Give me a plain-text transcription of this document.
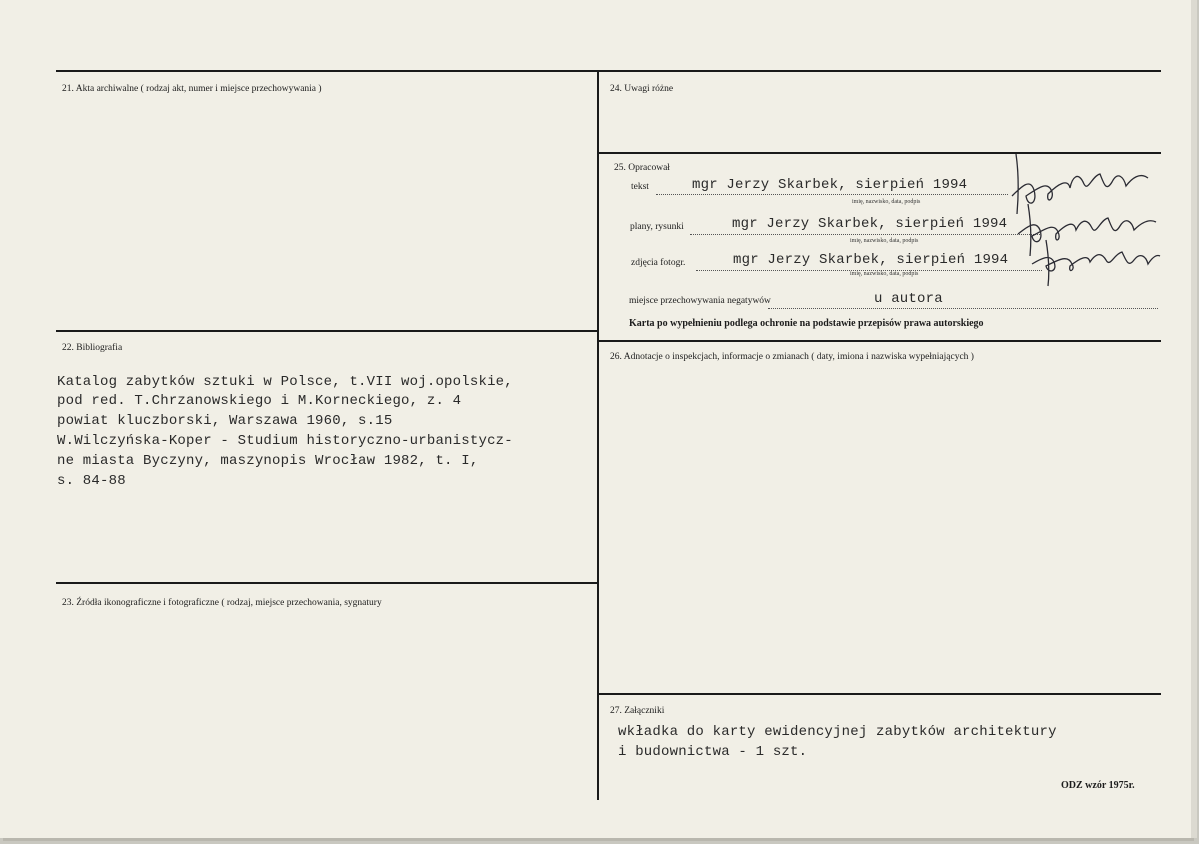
21. Akta archiwalne ( rodzaj akt, numer i miejsce przechowywania )
22. Bibliografia
Katalog zabytków sztuki w Polsce, t.VII woj.opolskie,
pod red. T.Chrzanowskiego i M.Korneckiego, z. 4
powiat kluczborski, Warszawa 1960, s.15
W.Wilczyńska-Koper - Studium historyczno-urbanistycz-
ne miasta Byczyny, maszynopis Wrocław 1982, t. I,
s. 84-88
23. Źródła ikonograficzne i fotograficzne ( rodzaj, miejsce przechowania, sygnatury
24. Uwagi różne
25. Opracował
tekst	mgr Jerzy Skarbek, sierpień 1994
imię, nazwisko, data, podpis
plany, rysunki	mgr Jerzy Skarbek, sierpień 1994
imię, nazwisko, data, podpis
zdjęcia fotogr.	mgr Jerzy Skarbek, sierpień 1994
imię, nazwisko, data, podpis
miejsce przechowywania negatywów	u autora
Karta po wypełnieniu podlega ochronie na podstawie przepisów prawa autorskiego
26. Adnotacje o inspekcjach, informacje o zmianach ( daty, imiona i nazwiska wypełniających )
27. Załączniki
wkładka do karty ewidencyjnej zabytków architektury
i budownictwa - 1 szt.
ODZ wzór 1975r.
